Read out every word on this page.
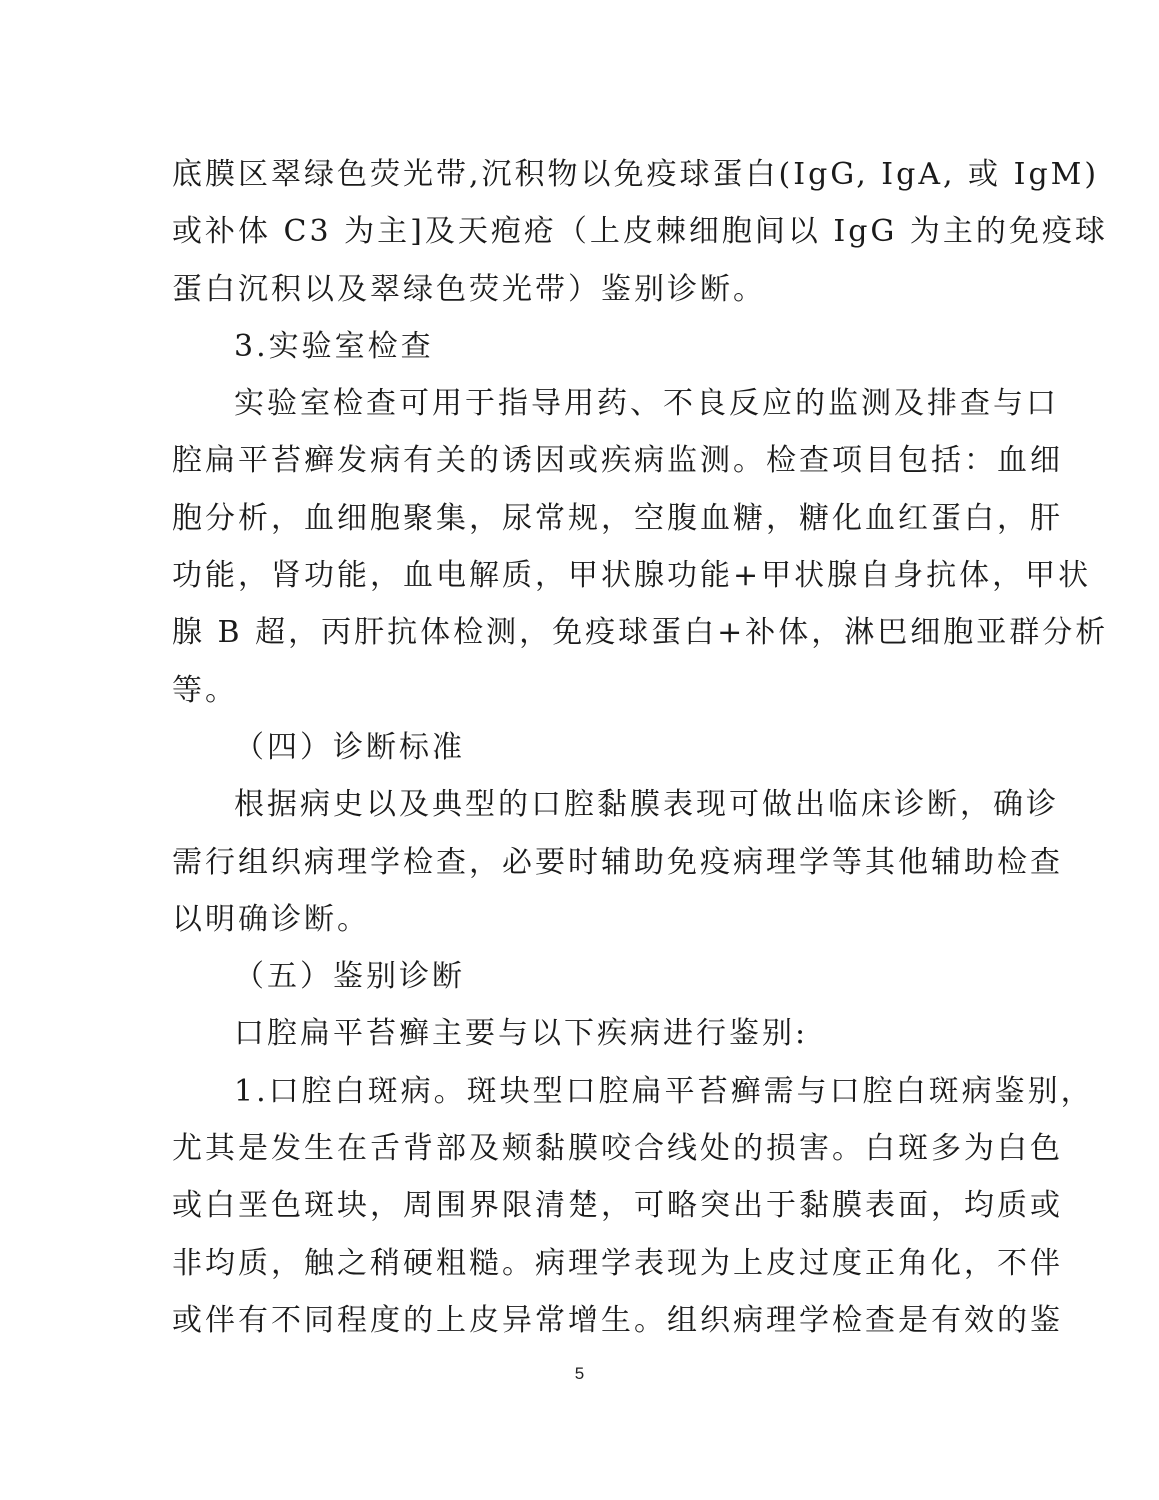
底膜区翠绿色荧光带,沉积物以免疫球蛋白(IgG, IgA, 或 IgM)
或补体 C3 为主]及天疱疮（上皮棘细胞间以 IgG 为主的免疫球
蛋白沉积以及翠绿色荧光带）鉴别诊断。
3.实验室检查
实验室检查可用于指导用药、不良反应的监测及排查与口
腔扁平苔癣发病有关的诱因或疾病监测。检查项目包括：血细
胞分析，血细胞聚集，尿常规，空腹血糖，糖化血红蛋白，肝
功能，肾功能，血电解质，甲状腺功能+甲状腺自身抗体，甲状
腺 B 超，丙肝抗体检测，免疫球蛋白+补体，淋巴细胞亚群分析
等。
（四）诊断标准
根据病史以及典型的口腔黏膜表现可做出临床诊断，确诊
需行组织病理学检查，必要时辅助免疫病理学等其他辅助检查
以明确诊断。
（五）鉴别诊断
口腔扁平苔癣主要与以下疾病进行鉴别:
1.口腔白斑病。斑块型口腔扁平苔癣需与口腔白斑病鉴别，
尤其是发生在舌背部及颊黏膜咬合线处的损害。白斑多为白色
或白垩色斑块，周围界限清楚，可略突出于黏膜表面，均质或
非均质，触之稍硬粗糙。病理学表现为上皮过度正角化，不伴
或伴有不同程度的上皮异常增生。组织病理学检查是有效的鉴
5
